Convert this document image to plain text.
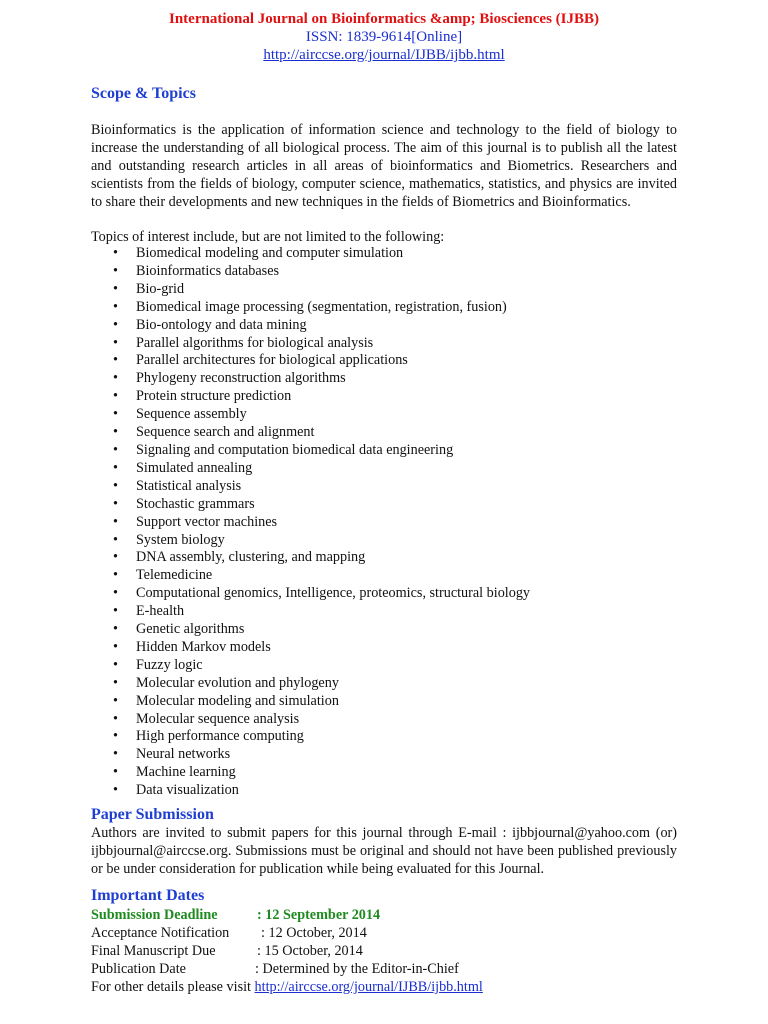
International Journal on Bioinformatics &amp; Biosciences (IJBB)
ISSN: 1839-9614[Online]
http://airccse.org/journal/IJBB/ijbb.html
Scope & Topics
Bioinformatics is the application of information science and technology to the field of biology to increase the understanding of all biological process. The aim of this journal is to publish all the latest and outstanding research articles in all areas of bioinformatics and Biometrics. Researchers and scientists from the fields of biology, computer science, mathematics, statistics, and physics are invited to share their developments and new techniques in the fields of Biometrics and Bioinformatics.
Topics of interest include, but are not limited to the following:
• Biomedical modeling and computer simulation
• Bioinformatics databases
• Bio-grid
• Biomedical image processing (segmentation, registration, fusion)
• Bio-ontology and data mining
• Parallel algorithms for biological analysis
• Parallel architectures for biological applications
• Phylogeny reconstruction algorithms
• Protein structure prediction
• Sequence assembly
• Sequence search and alignment
• Signaling and computation biomedical data engineering
• Simulated annealing
• Statistical analysis
• Stochastic grammars
• Support vector machines
• System biology
• DNA assembly, clustering, and mapping
• Telemedicine
• Computational genomics, Intelligence, proteomics, structural biology
• E-health
• Genetic algorithms
• Hidden Markov models
• Fuzzy logic
• Molecular evolution and phylogeny
• Molecular modeling and simulation
• Molecular sequence analysis
• High performance computing
• Neural networks
• Machine learning
• Data visualization
Paper Submission
Authors are invited to submit papers for this journal through E-mail : ijbbjournal@yahoo.com (or) ijbbjournal@airccse.org. Submissions must be original and should not have been published previously or be under consideration for publication while being evaluated for this Journal.
Important Dates
Submission Deadline	: 12 September 2014
Acceptance Notification : 12 October, 2014
Final Manuscript Due	: 15 October, 2014
Publication Date	: Determined by the Editor-in-Chief
For other details please visit http://airccse.org/journal/IJBB/ijbb.html
